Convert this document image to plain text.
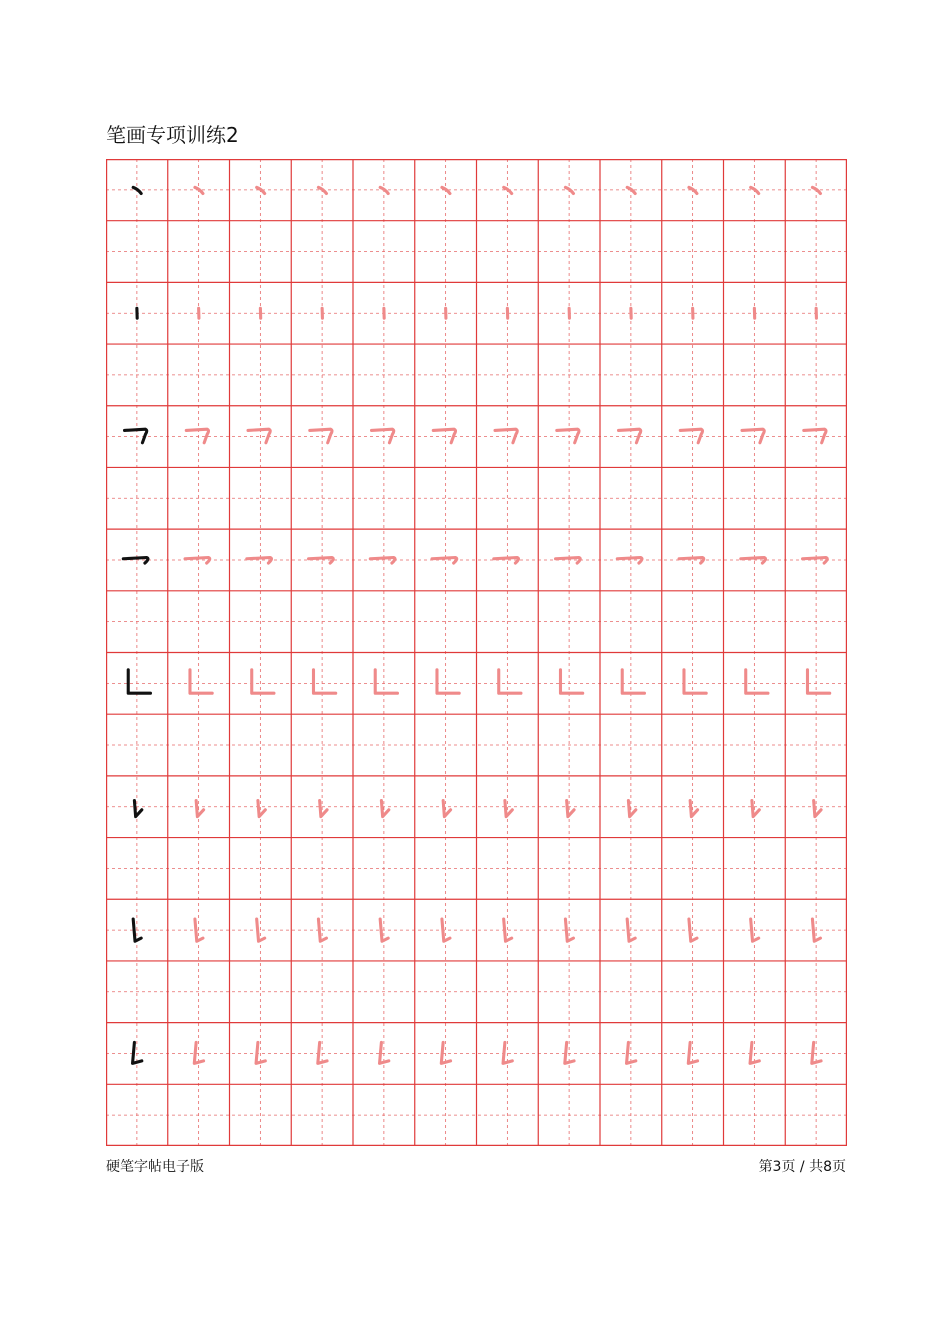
笔画专项训练2
硬笔字帖电子版	第3页 / 共8页
